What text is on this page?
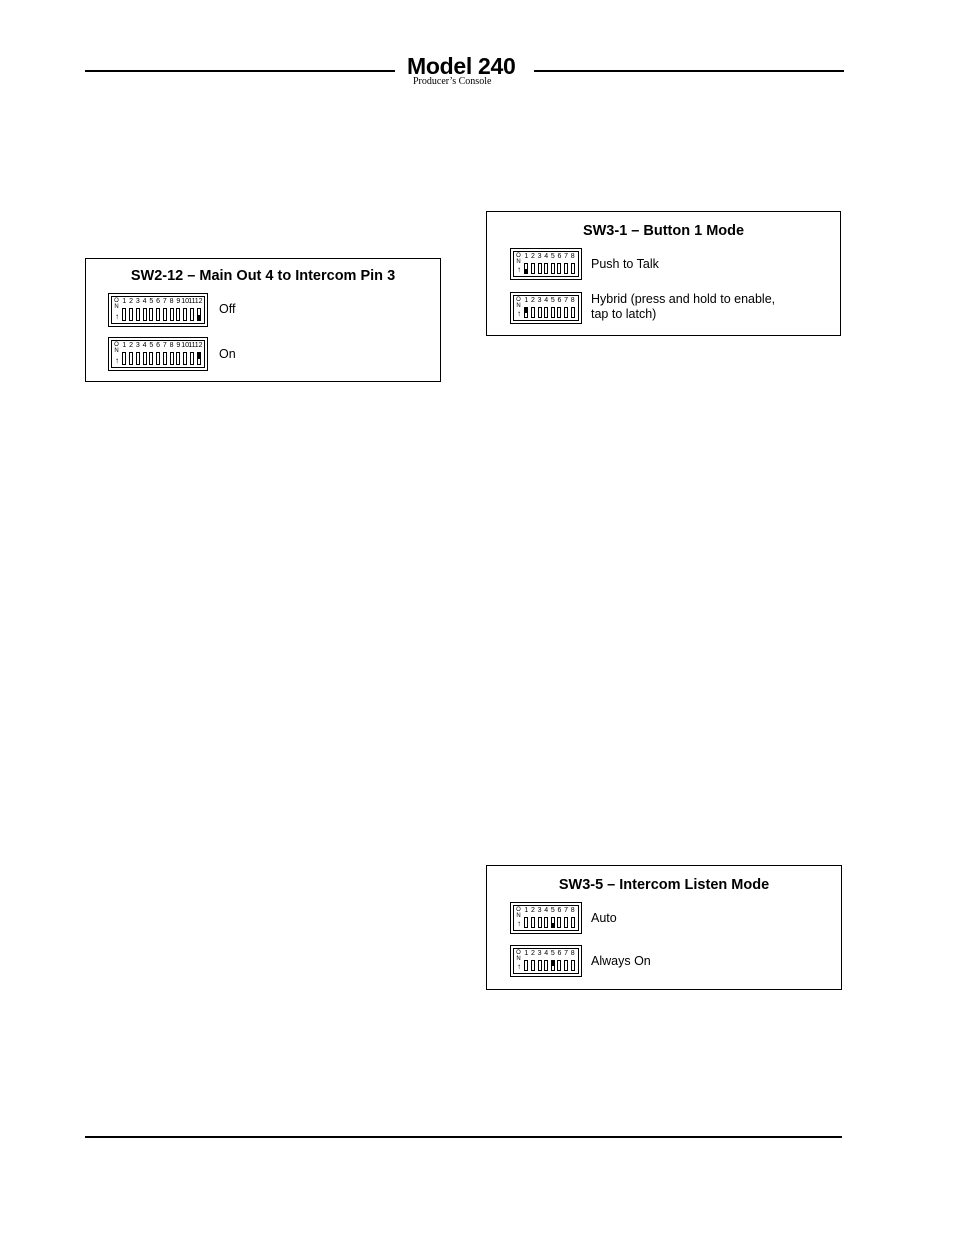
Model 240
Producer’s Console
SW2-12 – Main Out 4 to Intercom Pin 3
ON
↑
1 2 3 4 5 6 7 8 9 10 11 12
Off
ON
↑
1 2 3 4 5 6 7 8 9 10 11 12
On
SW3-1 – Button 1 Mode
ON
↑
1 2 3 4 5 6 7 8
Push to Talk
ON
↑
1 2 3 4 5 6 7 8 Hybrid (press and hold to enable,
tap to latch)
SW3-5 – Intercom Listen Mode
ON
↑
1 2 3 4 5 6 7 8
Auto
ON
↑
1 2 3 4 5 6 7 8
Always On
